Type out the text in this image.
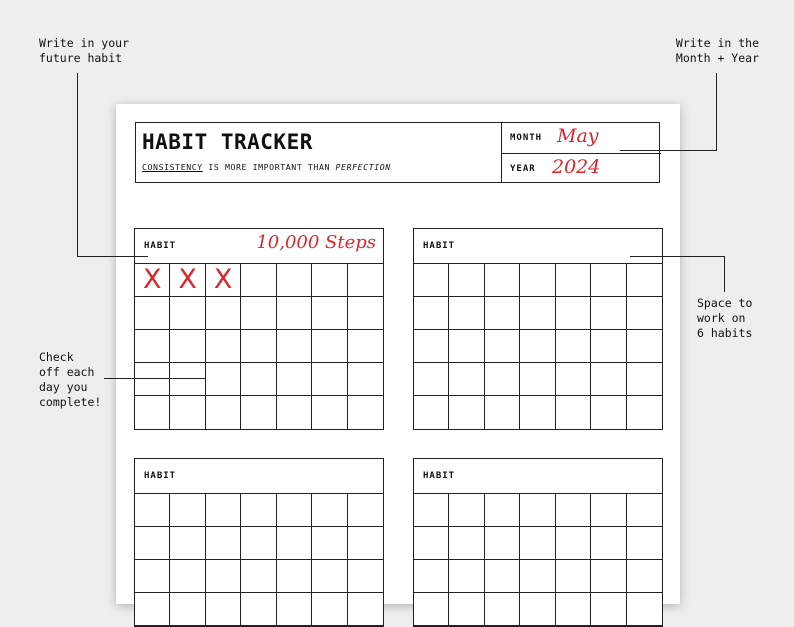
Write in your
future habit
Write in the
Month + Year
Space to
work on
6 habits
Check
off each
day you
complete!
HABIT TRACKER
CONSISTENCY IS MORE IMPORTANT THAN PERFECTION
MONTH May
YEAR 2024
HABIT	10,000 Steps
X X X
HABIT
HABIT	HABIT
